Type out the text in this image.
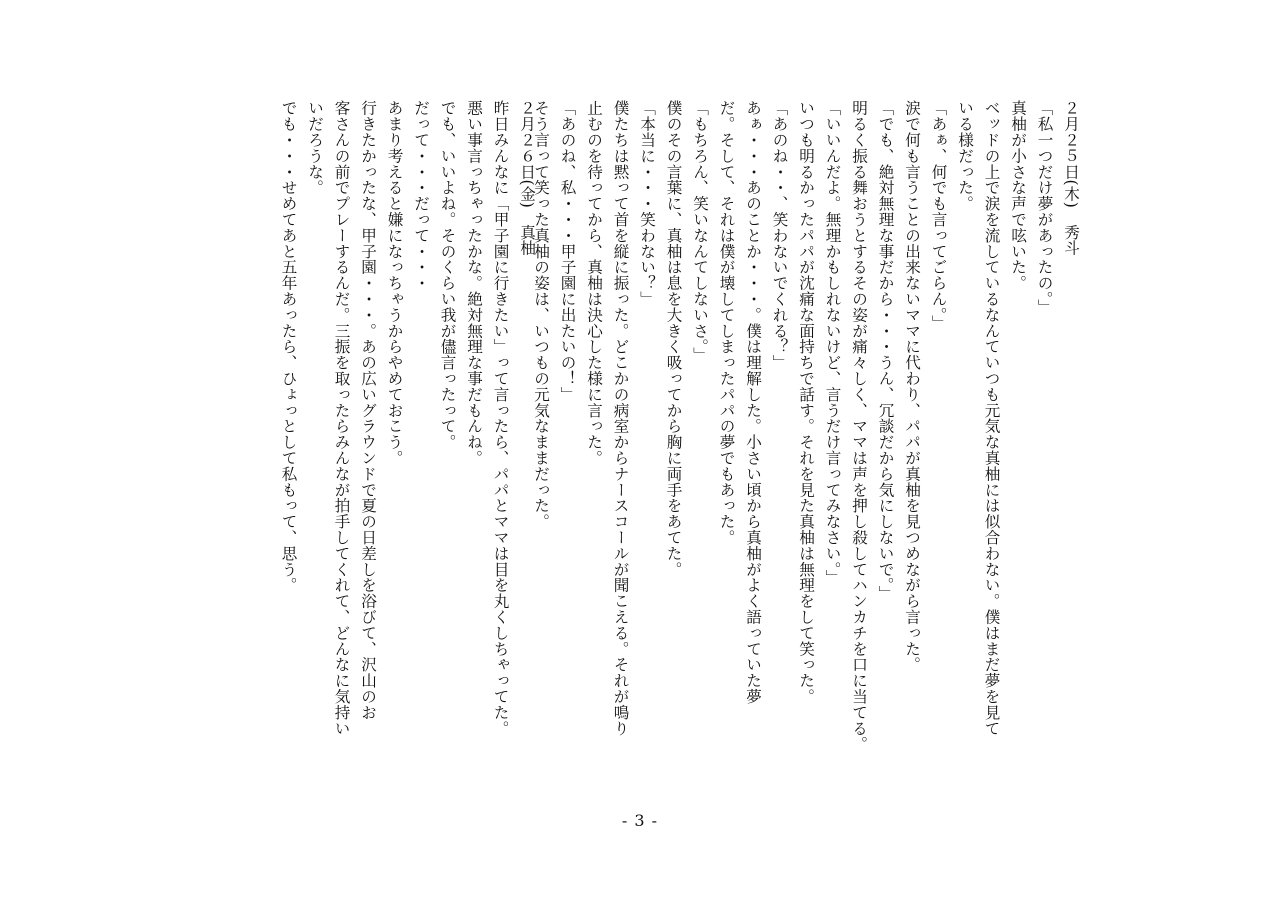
２月２５日(木)　秀斗
「私一つだけ夢があったの。」
真柚が小さな声で呟いた。
ベッドの上で涙を流しているなんていつも元気な真柚には似合わない。僕はまだ夢を見て
いる様だった。
「あぁ、何でも言ってごらん。」
涙で何も言うことの出来ないママに代わり、パパが真柚を見つめながら言った。
「でも、絶対無理な事だから・・・うん、冗談だから気にしないで。」
明るく振る舞おうとするその姿が痛々しく、ママは声を押し殺してハンカチを口に当てる。
「いいんだよ。無理かもしれないけど、言うだけ言ってみなさい。」
いつも明るかったパパが沈痛な面持ちで話す。それを見た真柚は無理をして笑った。
「あのね・・、笑わないでくれる？」
あぁ・・・あのことか・・・。僕は理解した。小さい頃から真柚がよく語っていた夢
だ。そして、それは僕が壊してしまったパパの夢でもあった。
「もちろん、笑いなんてしないさ。」
僕のその言葉に、真柚は息を大きく吸ってから胸に両手をあてた。
「本当に・・・笑わない？」
僕たちは黙って首を縦に振った。どこかの病室からナースコールが聞こえる。それが鳴り
止むのを待ってから、真柚は決心した様に言った。
「あのね、私・・・甲子園に出たいの！」
そう言って笑った真柚の姿は、いつもの元気なままだった。
２月２６日(金)　真柚
昨日みんなに「甲子園に行きたい」って言ったら、パパとママは目を丸くしちゃってた。
悪い事言っちゃったかな。絶対無理な事だもんね。
でも、いいよね。そのくらい我が儘言ったって。
だって・・・だって・・・
あまり考えると嫌になっちゃうからやめておこう。
行きたかったな、甲子園・・・。あの広いグラウンドで夏の日差しを浴びて、沢山のお
客さんの前でプレーするんだ。三振を取ったらみんなが拍手してくれて、どんなに気持い
いだろうな。
でも・・・せめてあと五年あったら、ひょっとして私もって、思う。
- 3 -
